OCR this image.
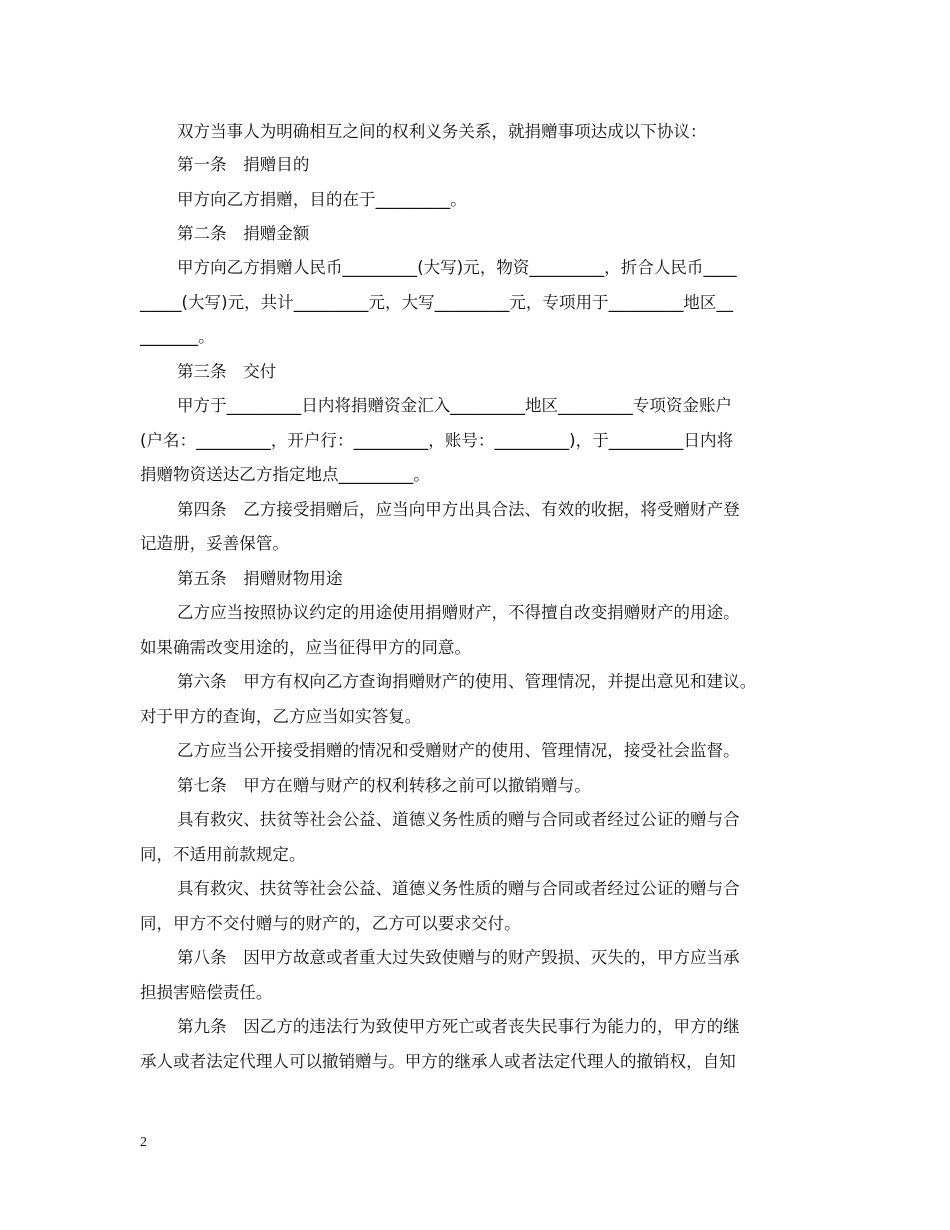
双方当事人为明确相互之间的权利义务关系，就捐赠事项达成以下协议：
第一条　捐赠目的
甲方向乙方捐赠，目的在于_________。
第二条　捐赠金额
甲方向乙方捐赠人民币_________(大写)元，物资_________，折合人民币____
_____(大写)元，共计_________元，大写_________元，专项用于_________地区__
_______。
第三条　交付
甲方于_________日内将捐赠资金汇入_________地区_________专项资金账户
(户名：_________，开户行：_________，账号：_________)，于_________日内将
捐赠物资送达乙方指定地点_________。
第四条　乙方接受捐赠后，应当向甲方出具合法、有效的收据，将受赠财产登
记造册，妥善保管。
第五条　捐赠财物用途
乙方应当按照协议约定的用途使用捐赠财产，不得擅自改变捐赠财产的用途。
如果确需改变用途的，应当征得甲方的同意。
第六条　甲方有权向乙方查询捐赠财产的使用、管理情况，并提出意见和建议。
对于甲方的查询，乙方应当如实答复。
乙方应当公开接受捐赠的情况和受赠财产的使用、管理情况，接受社会监督。
第七条　甲方在赠与财产的权利转移之前可以撤销赠与。
具有救灾、扶贫等社会公益、道德义务性质的赠与合同或者经过公证的赠与合
同，不适用前款规定。
具有救灾、扶贫等社会公益、道德义务性质的赠与合同或者经过公证的赠与合
同，甲方不交付赠与的财产的，乙方可以要求交付。
第八条　因甲方故意或者重大过失致使赠与的财产毁损、灭失的，甲方应当承
担损害赔偿责任。
第九条　因乙方的违法行为致使甲方死亡或者丧失民事行为能力的，甲方的继
承人或者法定代理人可以撤销赠与。甲方的继承人或者法定代理人的撤销权，自知
2
